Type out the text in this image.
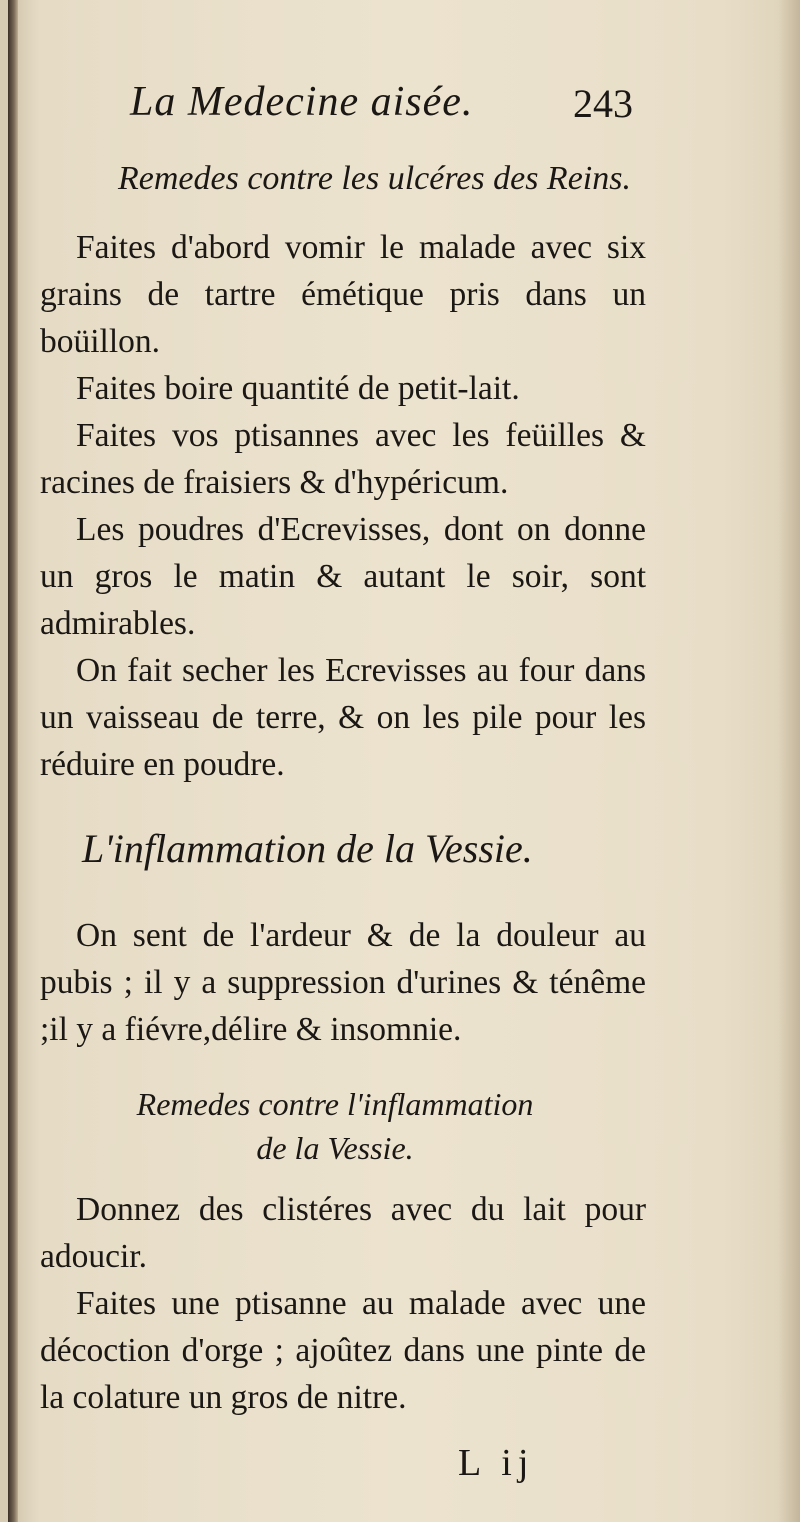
La Medecine aisée. 243
Remedes contre les ulcéres des Reins.

Faites d'abord vomir le malade avec six grains de tartre émétique pris dans un boüillon.

Faites boire quantité de petit-lait.

Faites vos ptisannes avec les feüilles & racines de fraisiers & d'hypéricum.

Les poudres d'Ecrevisses, dont on donne un gros le matin & autant le soir, sont admirables.

On fait secher les Ecrevisses au four dans un vaisseau de terre, & on les pile pour les réduire en poudre.

L'inflammation de la Vessie.

On sent de l'ardeur & de la douleur au pubis ; il y a suppression d'urines & ténême ;il y a fiévre,délire & insomnie.

Remedes contre l'inflammation
de la Vessie.

Donnez des clistéres avec du lait pour adoucir.

Faites une ptisanne au malade avec une décoction d'orge ; ajoûtez dans une pinte de la colature un gros de nitre.

L ij
